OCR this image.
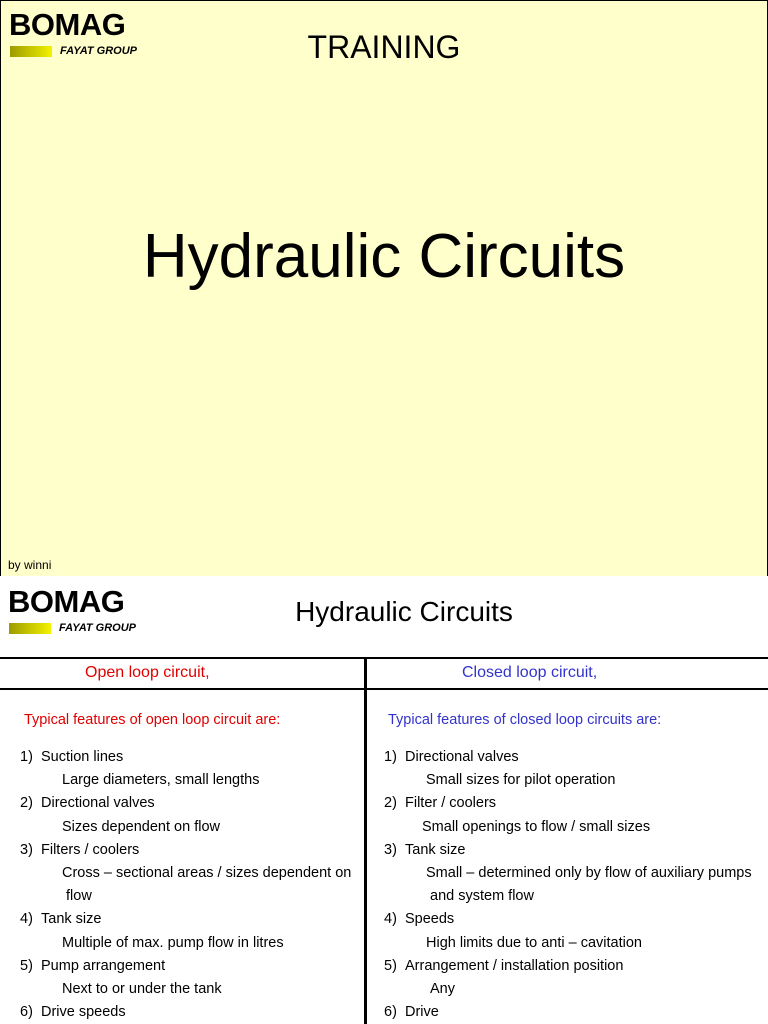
BOMAG
FAYAT GROUP	TRAINING
Hydraulic Circuits
by winni
BOMAG
FAYAT GROUP
Hydraulic Circuits
Open loop circuit,	Closed loop circuit,
Typical features of open loop circuit are:
1) Suction lines
Large diameters, small lengths
2) Directional valves
Sizes dependent on flow
3) Filters / coolers
Cross – sectional areas / sizes dependent on
flow
4) Tank size
Multiple of max. pump flow in litres
5) Pump arrangement
Next to or under the tank
6) Drive speeds
Typical features of closed loop circuits are:
1) Directional valves
Small sizes for pilot operation
2) Filter / coolers
Small openings to flow / small sizes
3) Tank size
Small – determined only by flow of auxiliary pumps
and system flow
4) Speeds
High limits due to anti – cavitation
5) Arrangement / installation position
Any
6) Drive
